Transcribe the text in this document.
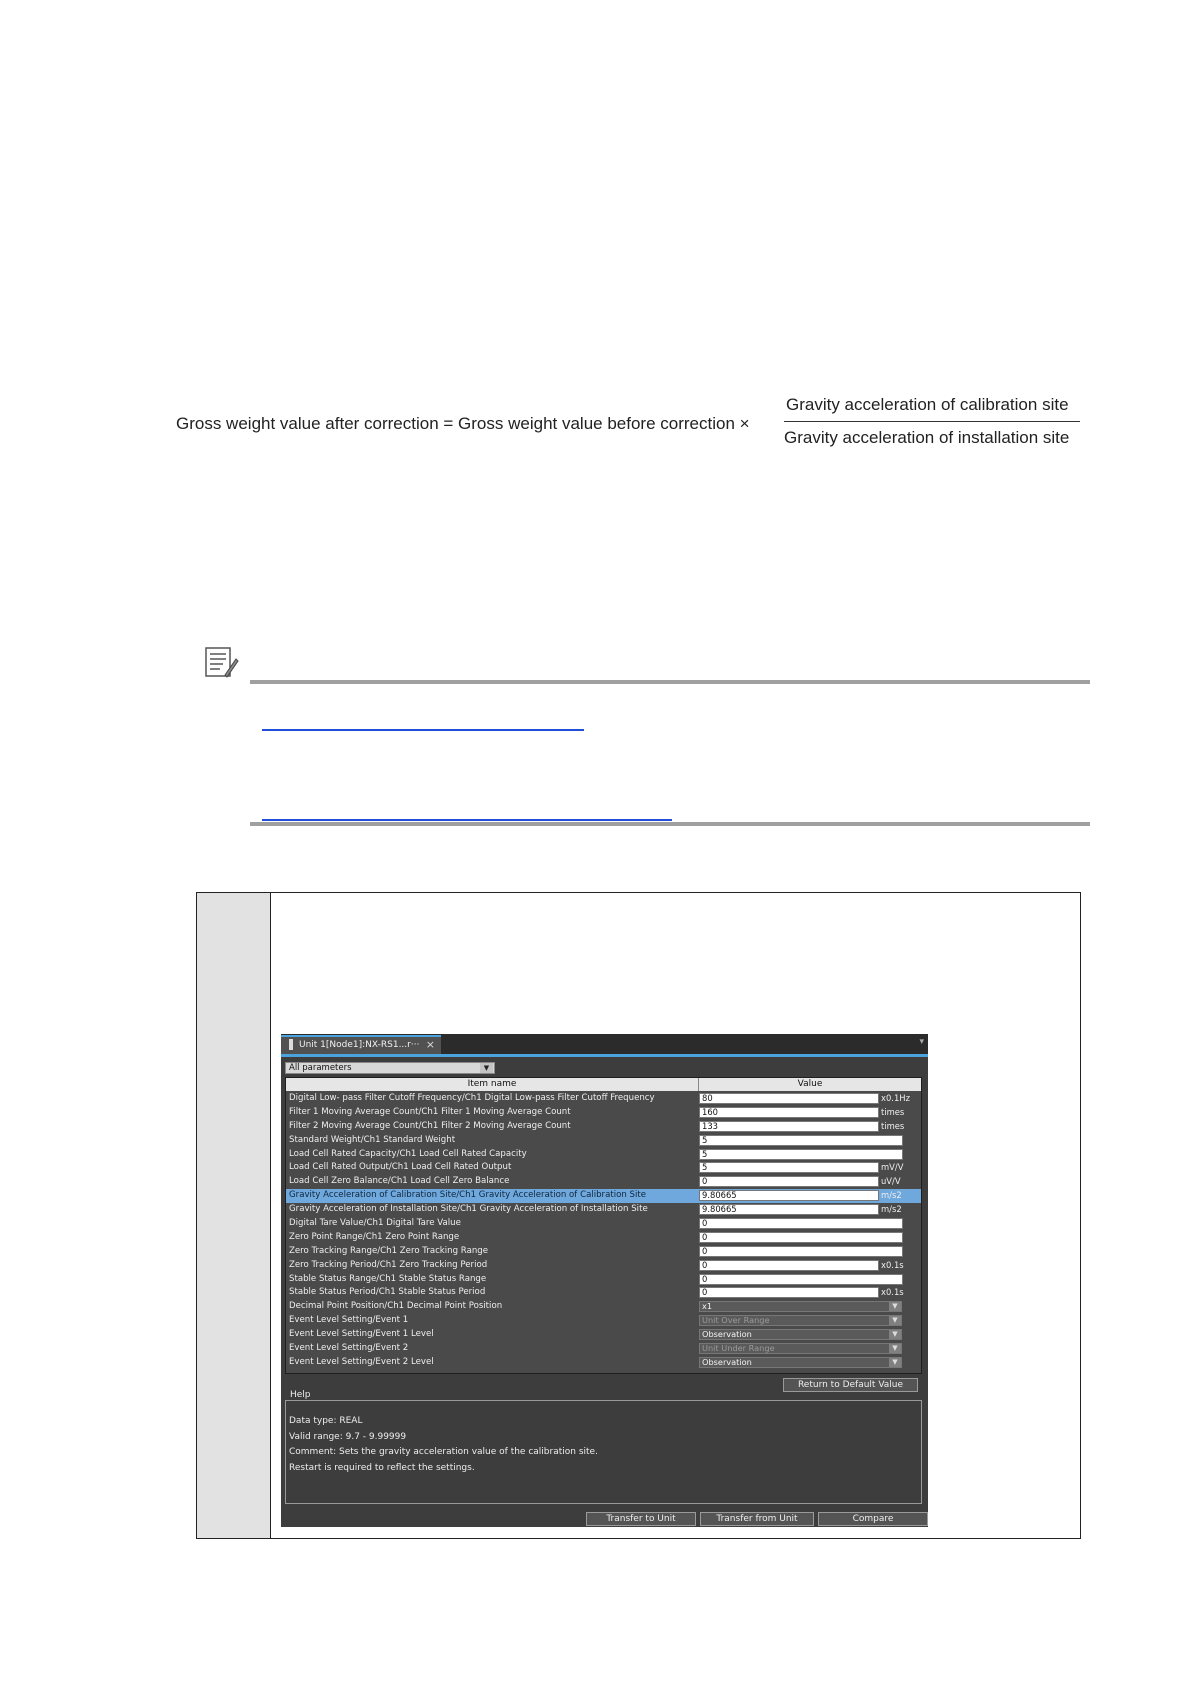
Gross weight value after correction = Gross weight value before correction ×
Gravity acceleration of calibration site
Gravity acceleration of installation site
Unit 1[Node1]:NX-RS1...r··· ×	▾
All parameters	▼
Item name	Value
Digital Low- pass Filter Cutoff Frequency/Ch1 Digital Low-pass Filter Cutoff Frequency	80	x0.1Hz
Filter 1 Moving Average Count/Ch1 Filter 1 Moving Average Count	160	times
Filter 2 Moving Average Count/Ch1 Filter 2 Moving Average Count	133	times
Standard Weight/Ch1 Standard Weight	5
Load Cell Rated Capacity/Ch1 Load Cell Rated Capacity	5
Load Cell Rated Output/Ch1 Load Cell Rated Output	5	mV/V
Load Cell Zero Balance/Ch1 Load Cell Zero Balance	0	uV/V
Gravity Acceleration of Calibration Site/Ch1 Gravity Acceleration of Calibration Site	9.80665	m/s2
Gravity Acceleration of Installation Site/Ch1 Gravity Acceleration of Installation Site	9.80665	m/s2
Digital Tare Value/Ch1 Digital Tare Value	0
Zero Point Range/Ch1 Zero Point Range	0
Zero Tracking Range/Ch1 Zero Tracking Range	0
Zero Tracking Period/Ch1 Zero Tracking Period	0	x0.1s
Stable Status Range/Ch1 Stable Status Range	0
Stable Status Period/Ch1 Stable Status Period	0	x0.1s
Decimal Point Position/Ch1 Decimal Point Position	x1	▼
Event Level Setting/Event 1	Unit Over Range	▼
Event Level Setting/Event 1 Level	Observation	▼
Event Level Setting/Event 2	Unit Under Range	▼
Event Level Setting/Event 2 Level	Observation	▼
Return to Default Value
Help
Data type: REAL
Valid range: 9.7 - 9.99999
Comment: Sets the gravity acceleration value of the calibration site.
Restart is required to reflect the settings.
Transfer to Unit	Transfer from Unit	Compare
